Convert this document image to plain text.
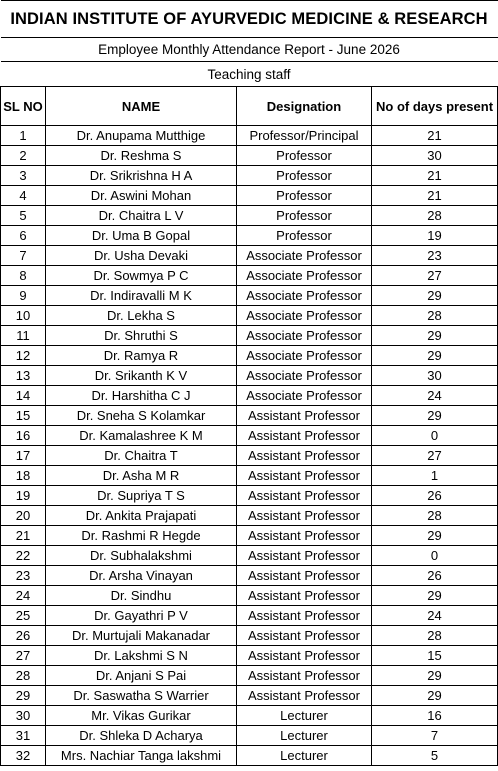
INDIAN INSTITUTE OF AYURVEDIC MEDICINE & RESEARCH			
Employee Monthly Attendance Report - June 2026			
Teaching staff			
SL NO	NAME	Designation	No of days present
1	Dr. Anupama Mutthige	Professor/Principal	21
2	Dr. Reshma S	Professor	30
3	Dr. Srikrishna H A	Professor	21
4	Dr. Aswini Mohan	Professor	21
5	Dr. Chaitra L V	Professor	28
6	Dr. Uma B Gopal	Professor	19
7	Dr. Usha Devaki	Associate Professor	23
8	Dr. Sowmya P C	Associate Professor	27
9	Dr. Indiravalli M K	Associate Professor	29
10	Dr. Lekha S	Associate Professor	28
11	Dr. Shruthi S	Associate Professor	29
12	Dr. Ramya R	Associate Professor	29
13	Dr. Srikanth K V	Associate Professor	30
14	Dr. Harshitha C J	Associate Professor	24
15	Dr. Sneha S Kolamkar	Assistant Professor	29
16	Dr. Kamalashree K M	Assistant Professor	0
17	Dr. Chaitra T	Assistant Professor	27
18	Dr. Asha M R	Assistant Professor	1
19	Dr. Supriya T S	Assistant Professor	26
20	Dr. Ankita Prajapati	Assistant Professor	28
21	Dr. Rashmi R Hegde	Assistant Professor	29
22	Dr. Subhalakshmi	Assistant Professor	0
23	Dr. Arsha Vinayan	Assistant Professor	26
24	Dr. Sindhu	Assistant Professor	29
25	Dr. Gayathri P V	Assistant Professor	24
26	Dr. Murtujali Makanadar	Assistant Professor	28
27	Dr. Lakshmi S N	Assistant Professor	15
28	Dr. Anjani S Pai	Assistant Professor	29
29	Dr. Saswatha S Warrier	Assistant Professor	29
30	Mr. Vikas Gurikar	Lecturer	16
31	Dr. Shleka D Acharya	Lecturer	7
32	Mrs. Nachiar Tanga lakshmi	Lecturer	5
